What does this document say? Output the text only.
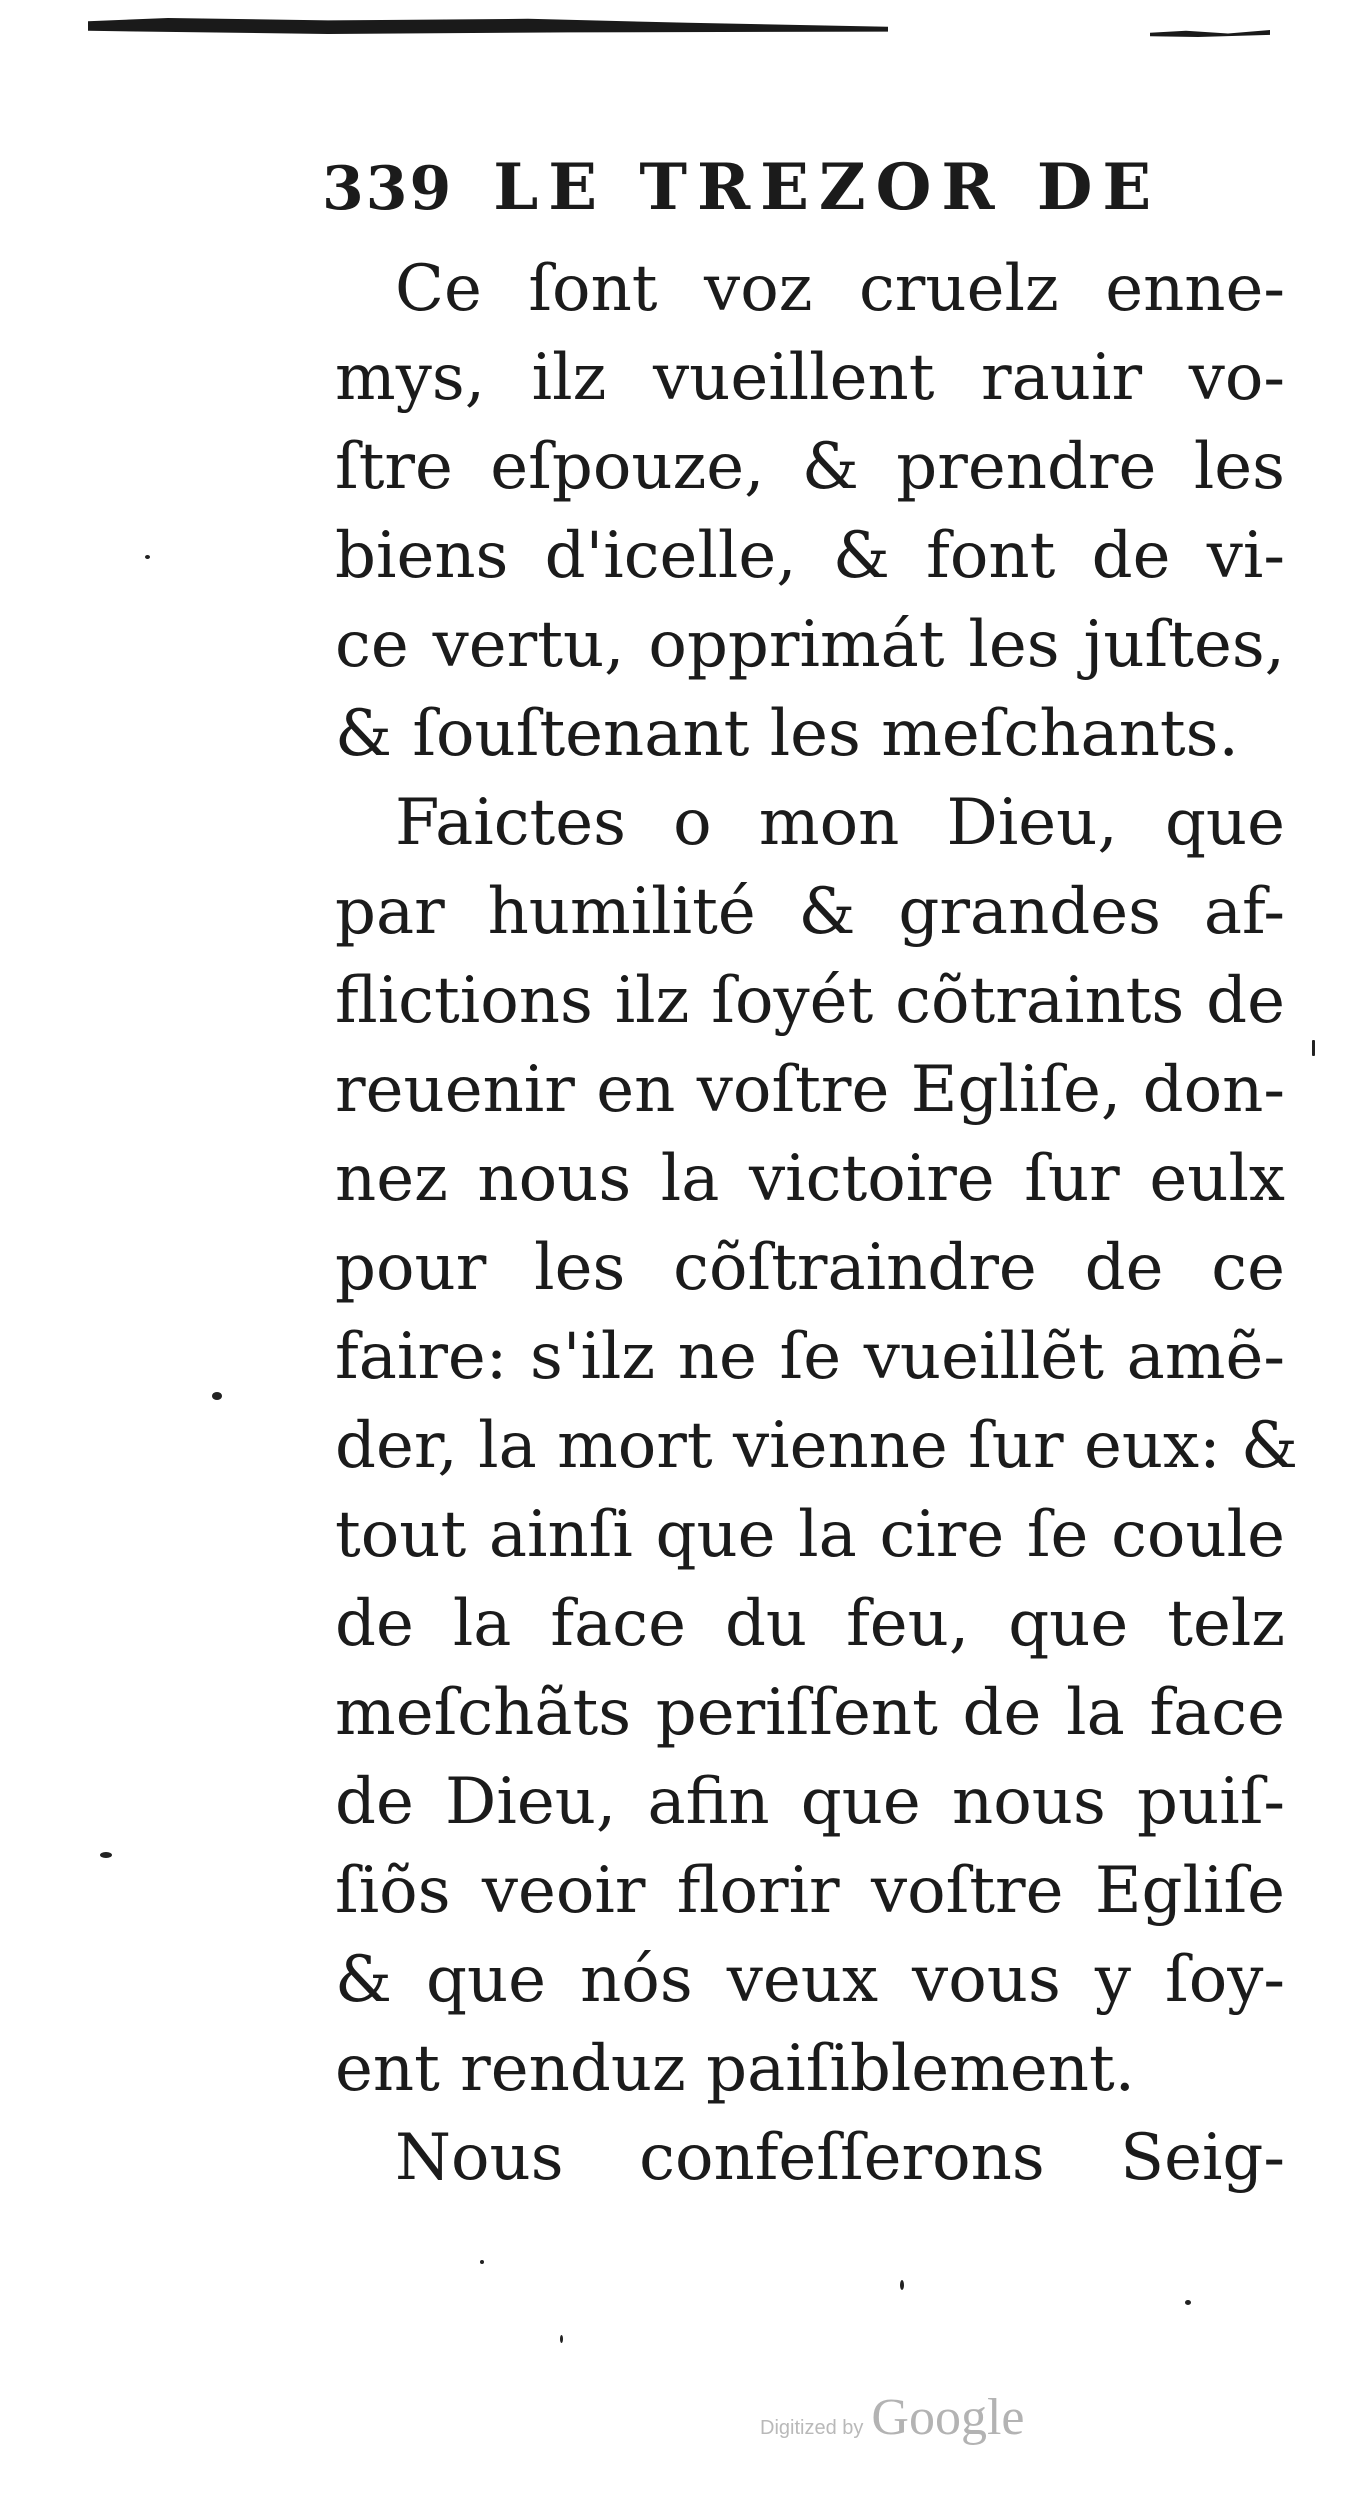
339 LE TREZOR DE
Ce ſont voz cruelz enne-
mys, ilz vueillent rauir vo-
ſtre eſpouze, & prendre les
biens d'icelle, & font de vi-
ce vertu, opprimát les juſtes,
& ſouſtenant les meſchants.
Faictes o mon Dieu, que
par humilité & grandes af-
flictions ilz ſoyét cõtraints de
reuenir en voſtre Egliſe, don-
nez nous la victoire ſur eulx
pour les cõſtraindre de ce
faire: s'ilz ne ſe vueillẽt amẽ-
der, la mort vienne ſur eux: &
tout ainſi que la cire ſe coule
de la face du feu, que telz
meſchãts periſſent de la face
de Dieu, afin que nous puiſ-
ſiõs veoir florir voſtre Egliſe
& que nós veux vous y ſoy-
ent renduz paiſiblement.
Nous confeſſerons Seig-
Digitized by Google
